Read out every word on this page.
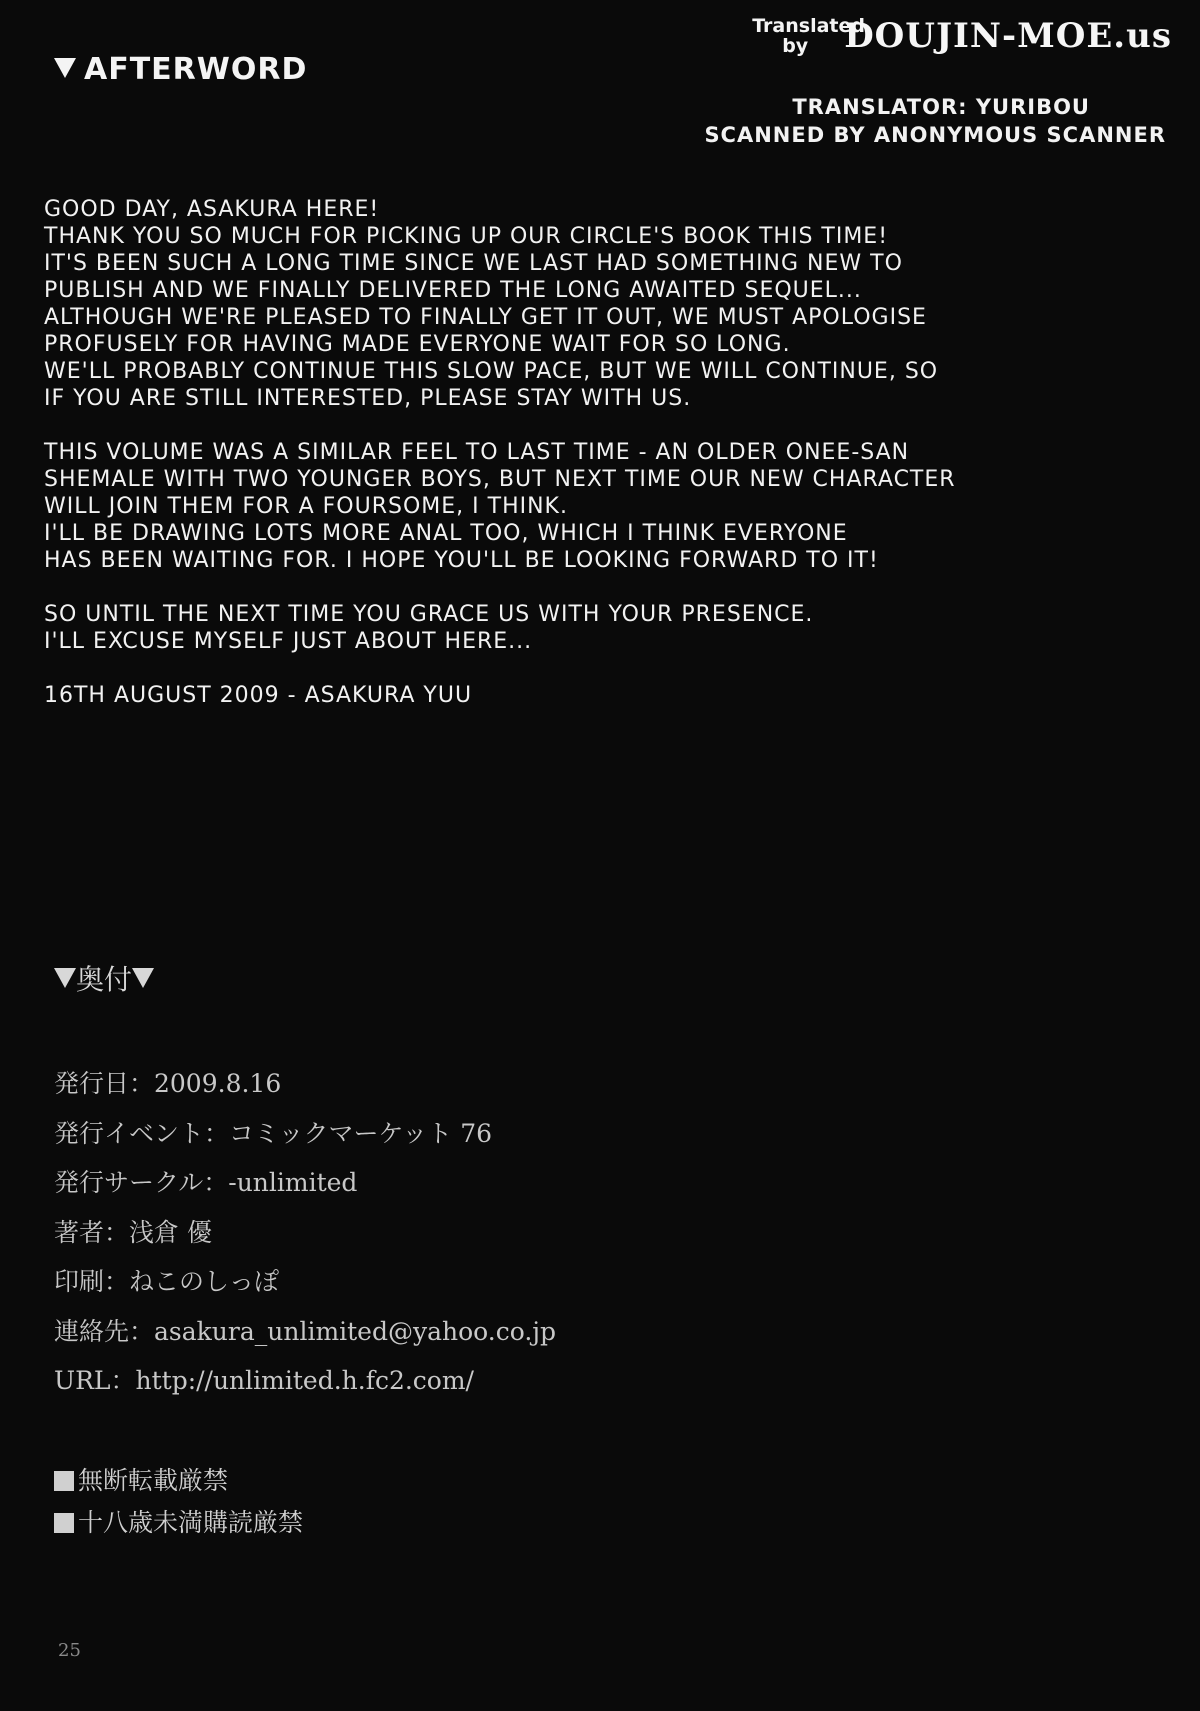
AFTERWORD
Translated by DOUJIN-MOE.us
TRANSLATOR: YURIBOU
SCANNED BY ANONYMOUS SCANNER
GOOD DAY, ASAKURA HERE!
THANK YOU SO MUCH FOR PICKING UP OUR CIRCLE'S BOOK THIS TIME!
IT'S BEEN SUCH A LONG TIME SINCE WE LAST HAD SOMETHING NEW TO
PUBLISH AND WE FINALLY DELIVERED THE LONG AWAITED SEQUEL...
ALTHOUGH WE'RE PLEASED TO FINALLY GET IT OUT, WE MUST APOLOGISE
PROFUSELY FOR HAVING MADE EVERYONE WAIT FOR SO LONG.
WE'LL PROBABLY CONTINUE THIS SLOW PACE, BUT WE WILL CONTINUE, SO
IF YOU ARE STILL INTERESTED, PLEASE STAY WITH US.
THIS VOLUME WAS A SIMILAR FEEL TO LAST TIME - AN OLDER ONEE-SAN
SHEMALE WITH TWO YOUNGER BOYS, BUT NEXT TIME OUR NEW CHARACTER
WILL JOIN THEM FOR A FOURSOME, I THINK.
I'LL BE DRAWING LOTS MORE ANAL TOO, WHICH I THINK EVERYONE
HAS BEEN WAITING FOR. I HOPE YOU'LL BE LOOKING FORWARD TO IT!
SO UNTIL THE NEXT TIME YOU GRACE US WITH YOUR PRESENCE.
I'LL EXCUSE MYSELF JUST ABOUT HERE...
16TH AUGUST 2009 - ASAKURA YUU
奥付
発行日：2009.8.16
発行イベント：コミックマーケット 76
発行サークル：-unlimited
著者：浅倉 優
印刷：ねこのしっぽ
連絡先：asakura_unlimited@yahoo.co.jp
URL：http://unlimited.h.fc2.com/
無断転載厳禁
十八歳未満購読厳禁
25
